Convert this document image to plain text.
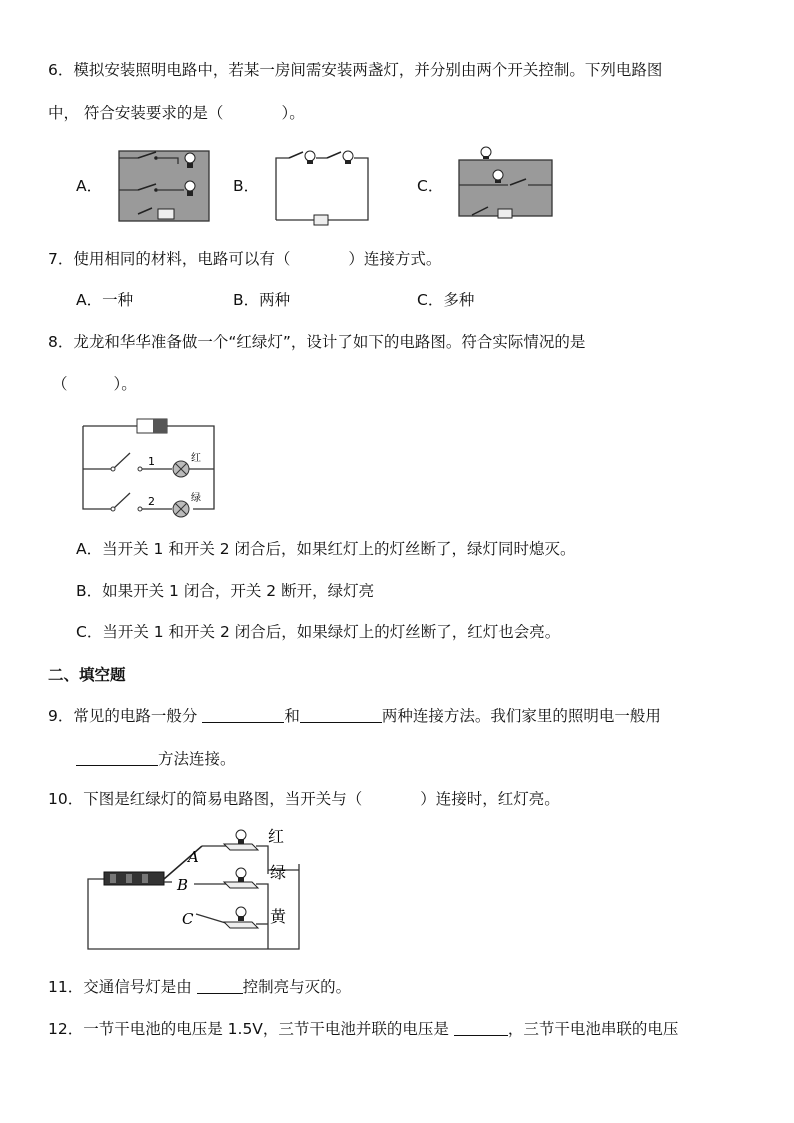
6．模拟安装照明电路中，若某一房间需安装两盏灯，并分别由两个开关控制。下列电路图
中， 符合安装要求的是（	）。
A．	B．	C．
7．使用相同的材料，电路可以有（	）连接方式。
A．一种	B．两种	C．多种
8．龙龙和华华准备做一个“红绿灯”，设计了如下的电路图。符合实际情况的是
（	）。
1
2
红
绿
A．当开关 1 和开关 2 闭合后，如果红灯上的灯丝断了，绿灯同时熄灭。
B．如果开关 1 闭合，开关 2 断开，绿灯亮
C．当开关 1 和开关 2 闭合后，如果绿灯上的灯丝断了，红灯也会亮。
二、填空题
9．常见的电路一般分	和	两种连接方法。我们家里的照明电一般用
方法连接。
10．下图是红绿灯的简易电路图，当开关与（	）连接时，红灯亮。
A
B
C
红
绿
黄
11．交通信号灯是由	控制亮与灭的。
12．一节干电池的电压是 1.5V，三节干电池并联的电压是	，三节干电池串联的电压
